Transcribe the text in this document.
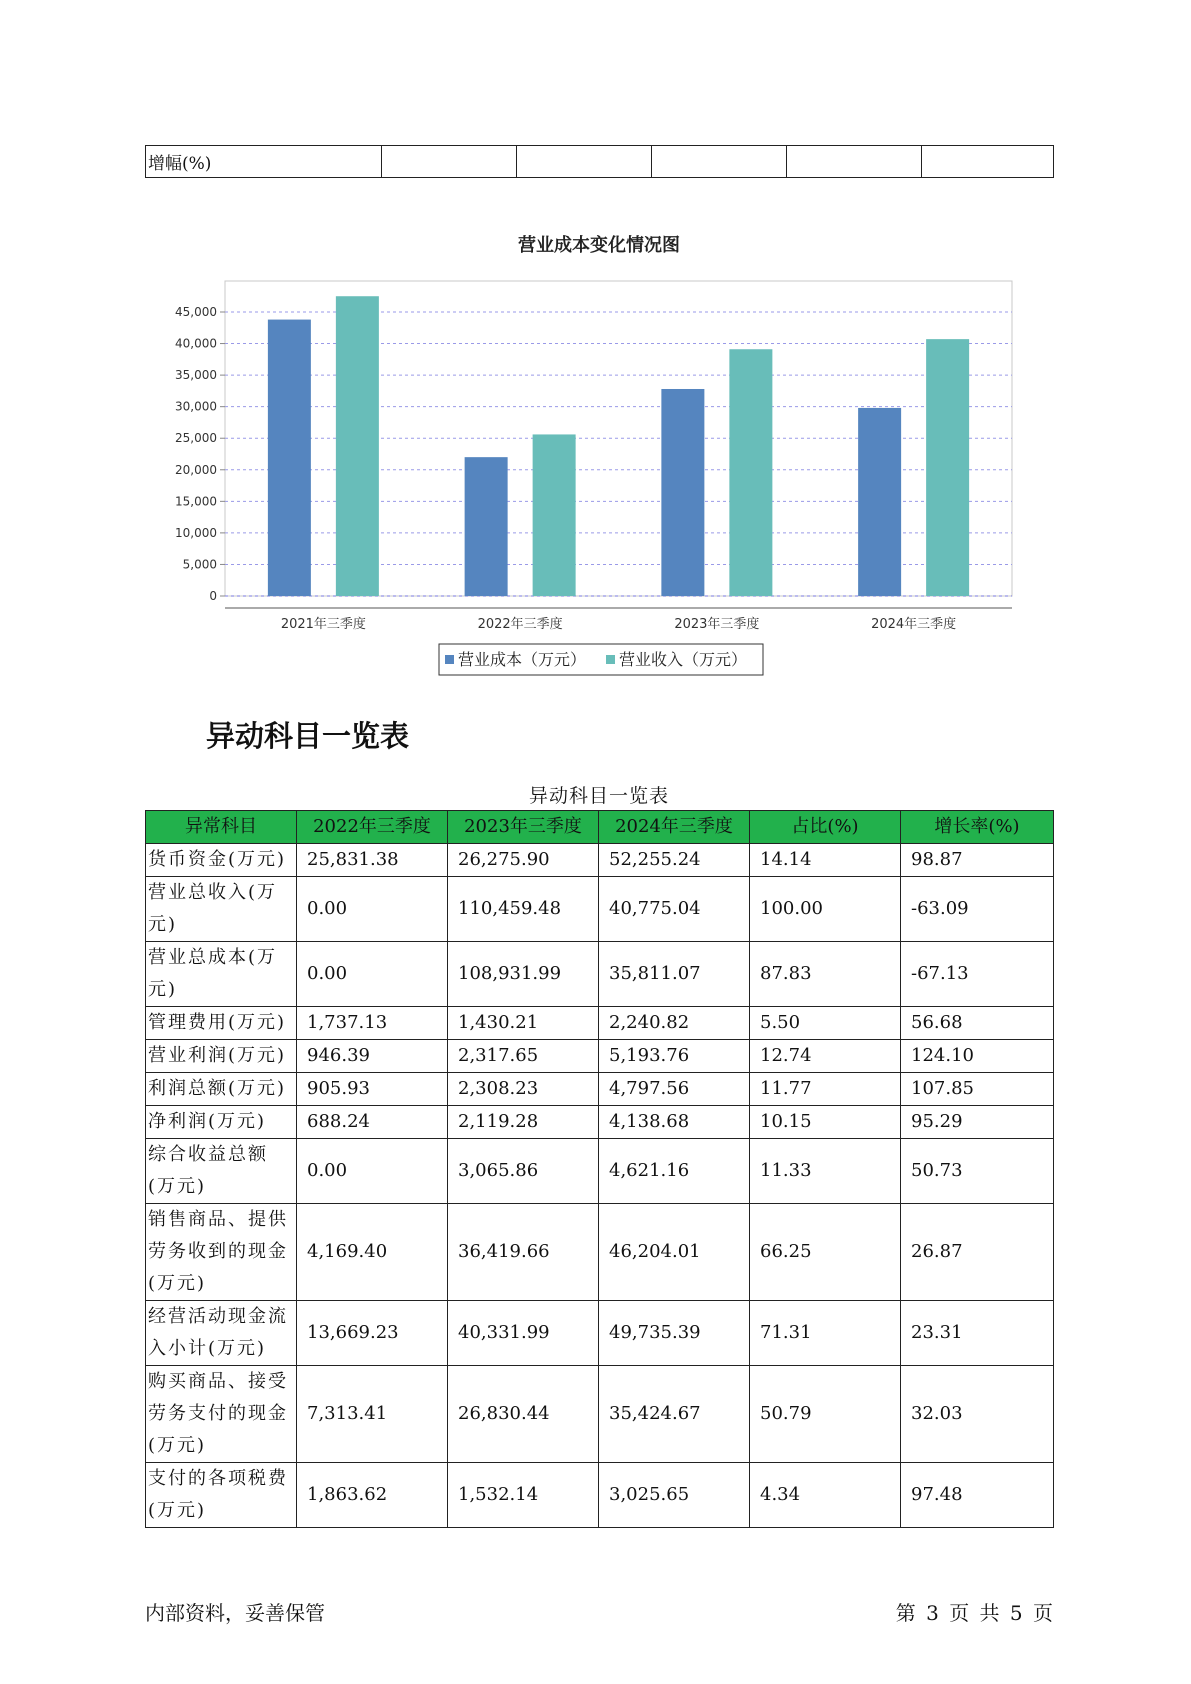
增幅(%)					
营业成本变化情况图
0
5,000
10,000
15,000
20,000
25,000
30,000
35,000
40,000
45,000
2021年三季度	2022年三季度	2023年三季度	2024年三季度
营业成本（万元） 营业收入（万元）
异动科目一览表
异动科目一览表
异常科目	2022年三季度	2023年三季度	2024年三季度	占比(%)	增长率(%)
货币资金(万元)	25,831.38	26,275.90	52,255.24	14.14	98.87
营业总收入(万元)	0.00	110,459.48	40,775.04	100.00	-63.09
营业总成本(万元)	0.00	108,931.99	35,811.07	87.83	-67.13
管理费用(万元)	1,737.13	1,430.21	2,240.82	5.50	56.68
营业利润(万元)	946.39	2,317.65	5,193.76	12.74	124.10
利润总额(万元)	905.93	2,308.23	4,797.56	11.77	107.85
净利润(万元)	688.24	2,119.28	4,138.68	10.15	95.29
综合收益总额(万元)	0.00	3,065.86	4,621.16	11.33	50.73
销售商品、提供劳务收到的现金(万元)	4,169.40	36,419.66	46,204.01	66.25	26.87
经营活动现金流入小计(万元)	13,669.23	40,331.99	49,735.39	71.31	23.31
购买商品、接受劳务支付的现金(万元)	7,313.41	26,830.44	35,424.67	50.79	32.03
支付的各项税费(万元)	1,863.62	1,532.14	3,025.65	4.34	97.48
内部资料，妥善保管	第 3 页 共 5 页
